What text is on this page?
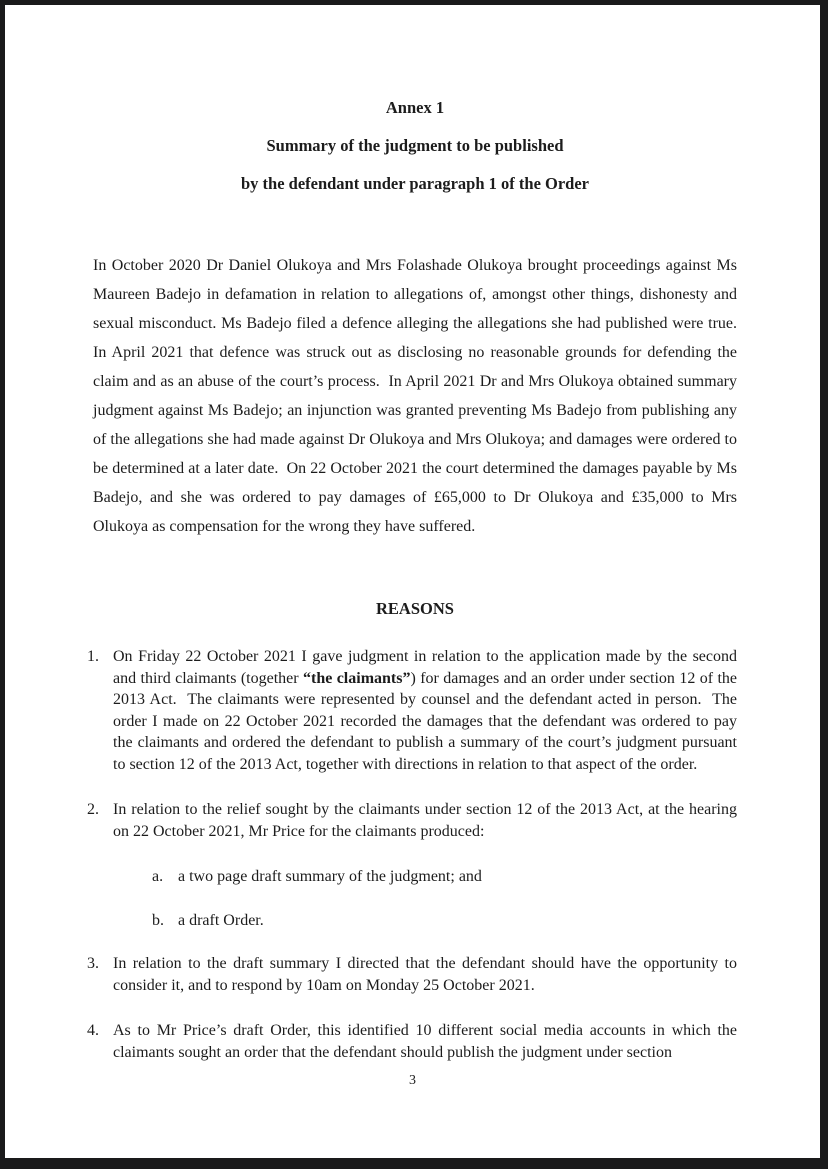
Annex 1
Summary of the judgment to be published
by the defendant under paragraph 1 of the Order

In October 2020 Dr Daniel Olukoya and Mrs Folashade Olukoya brought proceedings against Ms Maureen Badejo in defamation in relation to allegations of, amongst other things, dishonesty and sexual misconduct. Ms Badejo filed a defence alleging the allegations she had published were true.  In April 2021 that defence was struck out as disclosing no reasonable grounds for defending the claim and as an abuse of the court’s process.  In April 2021 Dr and Mrs Olukoya obtained summary judgment against Ms Badejo; an injunction was granted preventing Ms Badejo from publishing any of the allegations she had made against Dr Olukoya and Mrs Olukoya; and damages were ordered to be determined at a later date.  On 22 October 2021 the court determined the damages payable by Ms Badejo, and she was ordered to pay damages of £65,000 to Dr Olukoya and £35,000 to Mrs Olukoya as compensation for the wrong they have suffered.

REASONS
1. On Friday 22 October 2021 I gave judgment in relation to the application made by the second and third claimants (together “the claimants”) for damages and an order under section 12 of the 2013 Act.  The claimants were represented by counsel and the defendant acted in person.  The order I made on 22 October 2021 recorded the damages that the defendant was ordered to pay the claimants and ordered the defendant to publish a summary of the court’s judgment pursuant to section 12 of the 2013 Act, together with directions in relation to that aspect of the order.
2. In relation to the relief sought by the claimants under section 12 of the 2013 Act, at the hearing on 22 October 2021, Mr Price for the claimants produced:
a. a two page draft summary of the judgment; and
b. a draft Order.
3. In relation to the draft summary I directed that the defendant should have the opportunity to consider it, and to respond by 10am on Monday 25 October 2021.
4. As to Mr Price’s draft Order, this identified 10 different social media accounts in which the claimants sought an order that the defendant should publish the judgment under section
3
